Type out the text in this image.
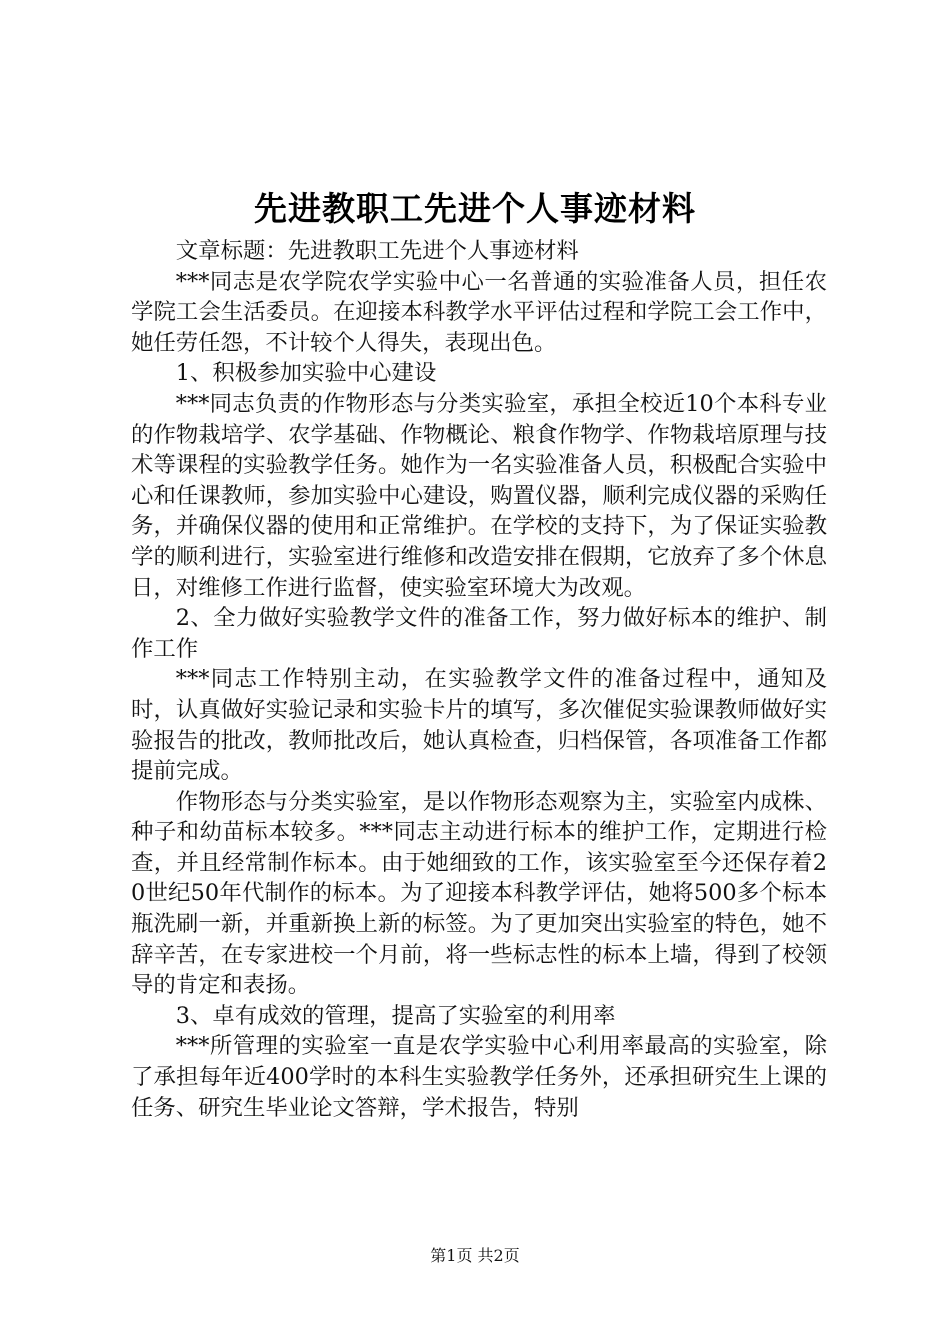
先进教职工先进个人事迹材料

文章标题：先进教职工先进个人事迹材料

***同志是农学院农学实验中心一名普通的实验准备人员，担任农学院工会生活委员。在迎接本科教学水平评估过程和学院工会工作中，她任劳任怨，不计较个人得失，表现出色。

1、积极参加实验中心建设

***同志负责的作物形态与分类实验室，承担全校近10个本科专业的作物栽培学、农学基础、作物概论、粮食作物学、作物栽培原理与技术等课程的实验教学任务。她作为一名实验准备人员，积极配合实验中心和任课教师，参加实验中心建设，购置仪器，顺利完成仪器的采购任务，并确保仪器的使用和正常维护。在学校的支持下，为了保证实验教学的顺利进行，实验室进行维修和改造安排在假期，它放弃了多个休息日，对维修工作进行监督，使实验室环境大为改观。

2、全力做好实验教学文件的准备工作，努力做好标本的维护、制作工作

***同志工作特别主动，在实验教学文件的准备过程中，通知及时，认真做好实验记录和实验卡片的填写，多次催促实验课教师做好实验报告的批改，教师批改后，她认真检查，归档保管，各项准备工作都提前完成。

作物形态与分类实验室，是以作物形态观察为主，实验室内成株、种子和幼苗标本较多。***同志主动进行标本的维护工作，定期进行检查，并且经常制作标本。由于她细致的工作，该实验室至今还保存着20世纪50年代制作的标本。为了迎接本科教学评估，她将500多个标本瓶洗刷一新，并重新换上新的标签。为了更加突出实验室的特色，她不辞辛苦，在专家进校一个月前，将一些标志性的标本上墙，得到了校领导的肯定和表扬。

3、卓有成效的管理，提高了实验室的利用率

***所管理的实验室一直是农学实验中心利用率最高的实验室，除了承担每年近400学时的本科生实验教学任务外，还承担研究生上课的任务、研究生毕业论文答辩，学术报告，特别

第1页 共2页
